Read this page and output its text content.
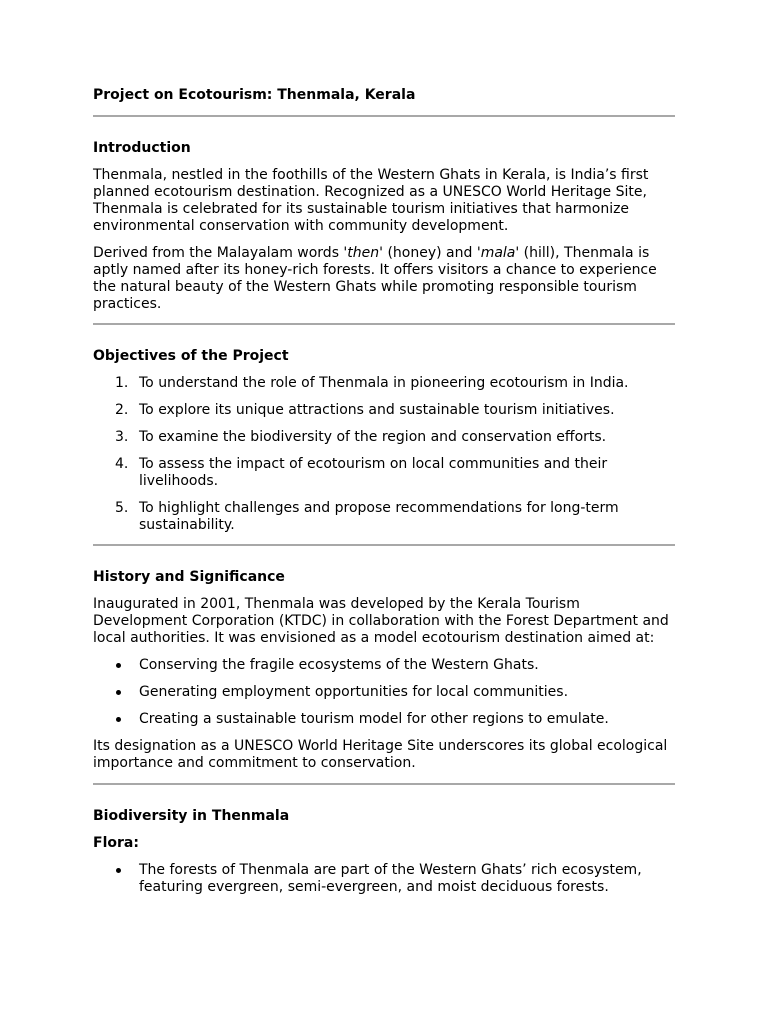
Project on Ecotourism: Thenmala, Kerala
Introduction

Thenmala, nestled in the foothills of the Western Ghats in Kerala, is India’s first planned ecotourism destination. Recognized as a UNESCO World Heritage Site, Thenmala is celebrated for its sustainable tourism initiatives that harmonize environmental conservation with community development.

Derived from the Malayalam words 'then' (honey) and 'mala' (hill), Thenmala is aptly named after its honey-rich forests. It offers visitors a chance to experience the natural beauty of the Western Ghats while promoting responsible tourism practices.

Objectives of the Project
1. To understand the role of Thenmala in pioneering ecotourism in India.
2. To explore its unique attractions and sustainable tourism initiatives.
3. To examine the biodiversity of the region and conservation efforts.
4. To assess the impact of ecotourism on local communities and their livelihoods.
5. To highlight challenges and propose recommendations for long-term sustainability.
History and Significance

Inaugurated in 2001, Thenmala was developed by the Kerala Tourism Development Corporation (KTDC) in collaboration with the Forest Department and local authorities. It was envisioned as a model ecotourism destination aimed at:

Conserving the fragile ecosystems of the Western Ghats.
Generating employment opportunities for local communities.
Creating a sustainable tourism model for other regions to emulate.

Its designation as a UNESCO World Heritage Site underscores its global ecological importance and commitment to conservation.

Biodiversity in Thenmala
Flora:
The forests of Thenmala are part of the Western Ghats’ rich ecosystem, featuring evergreen, semi-evergreen, and moist deciduous forests.
